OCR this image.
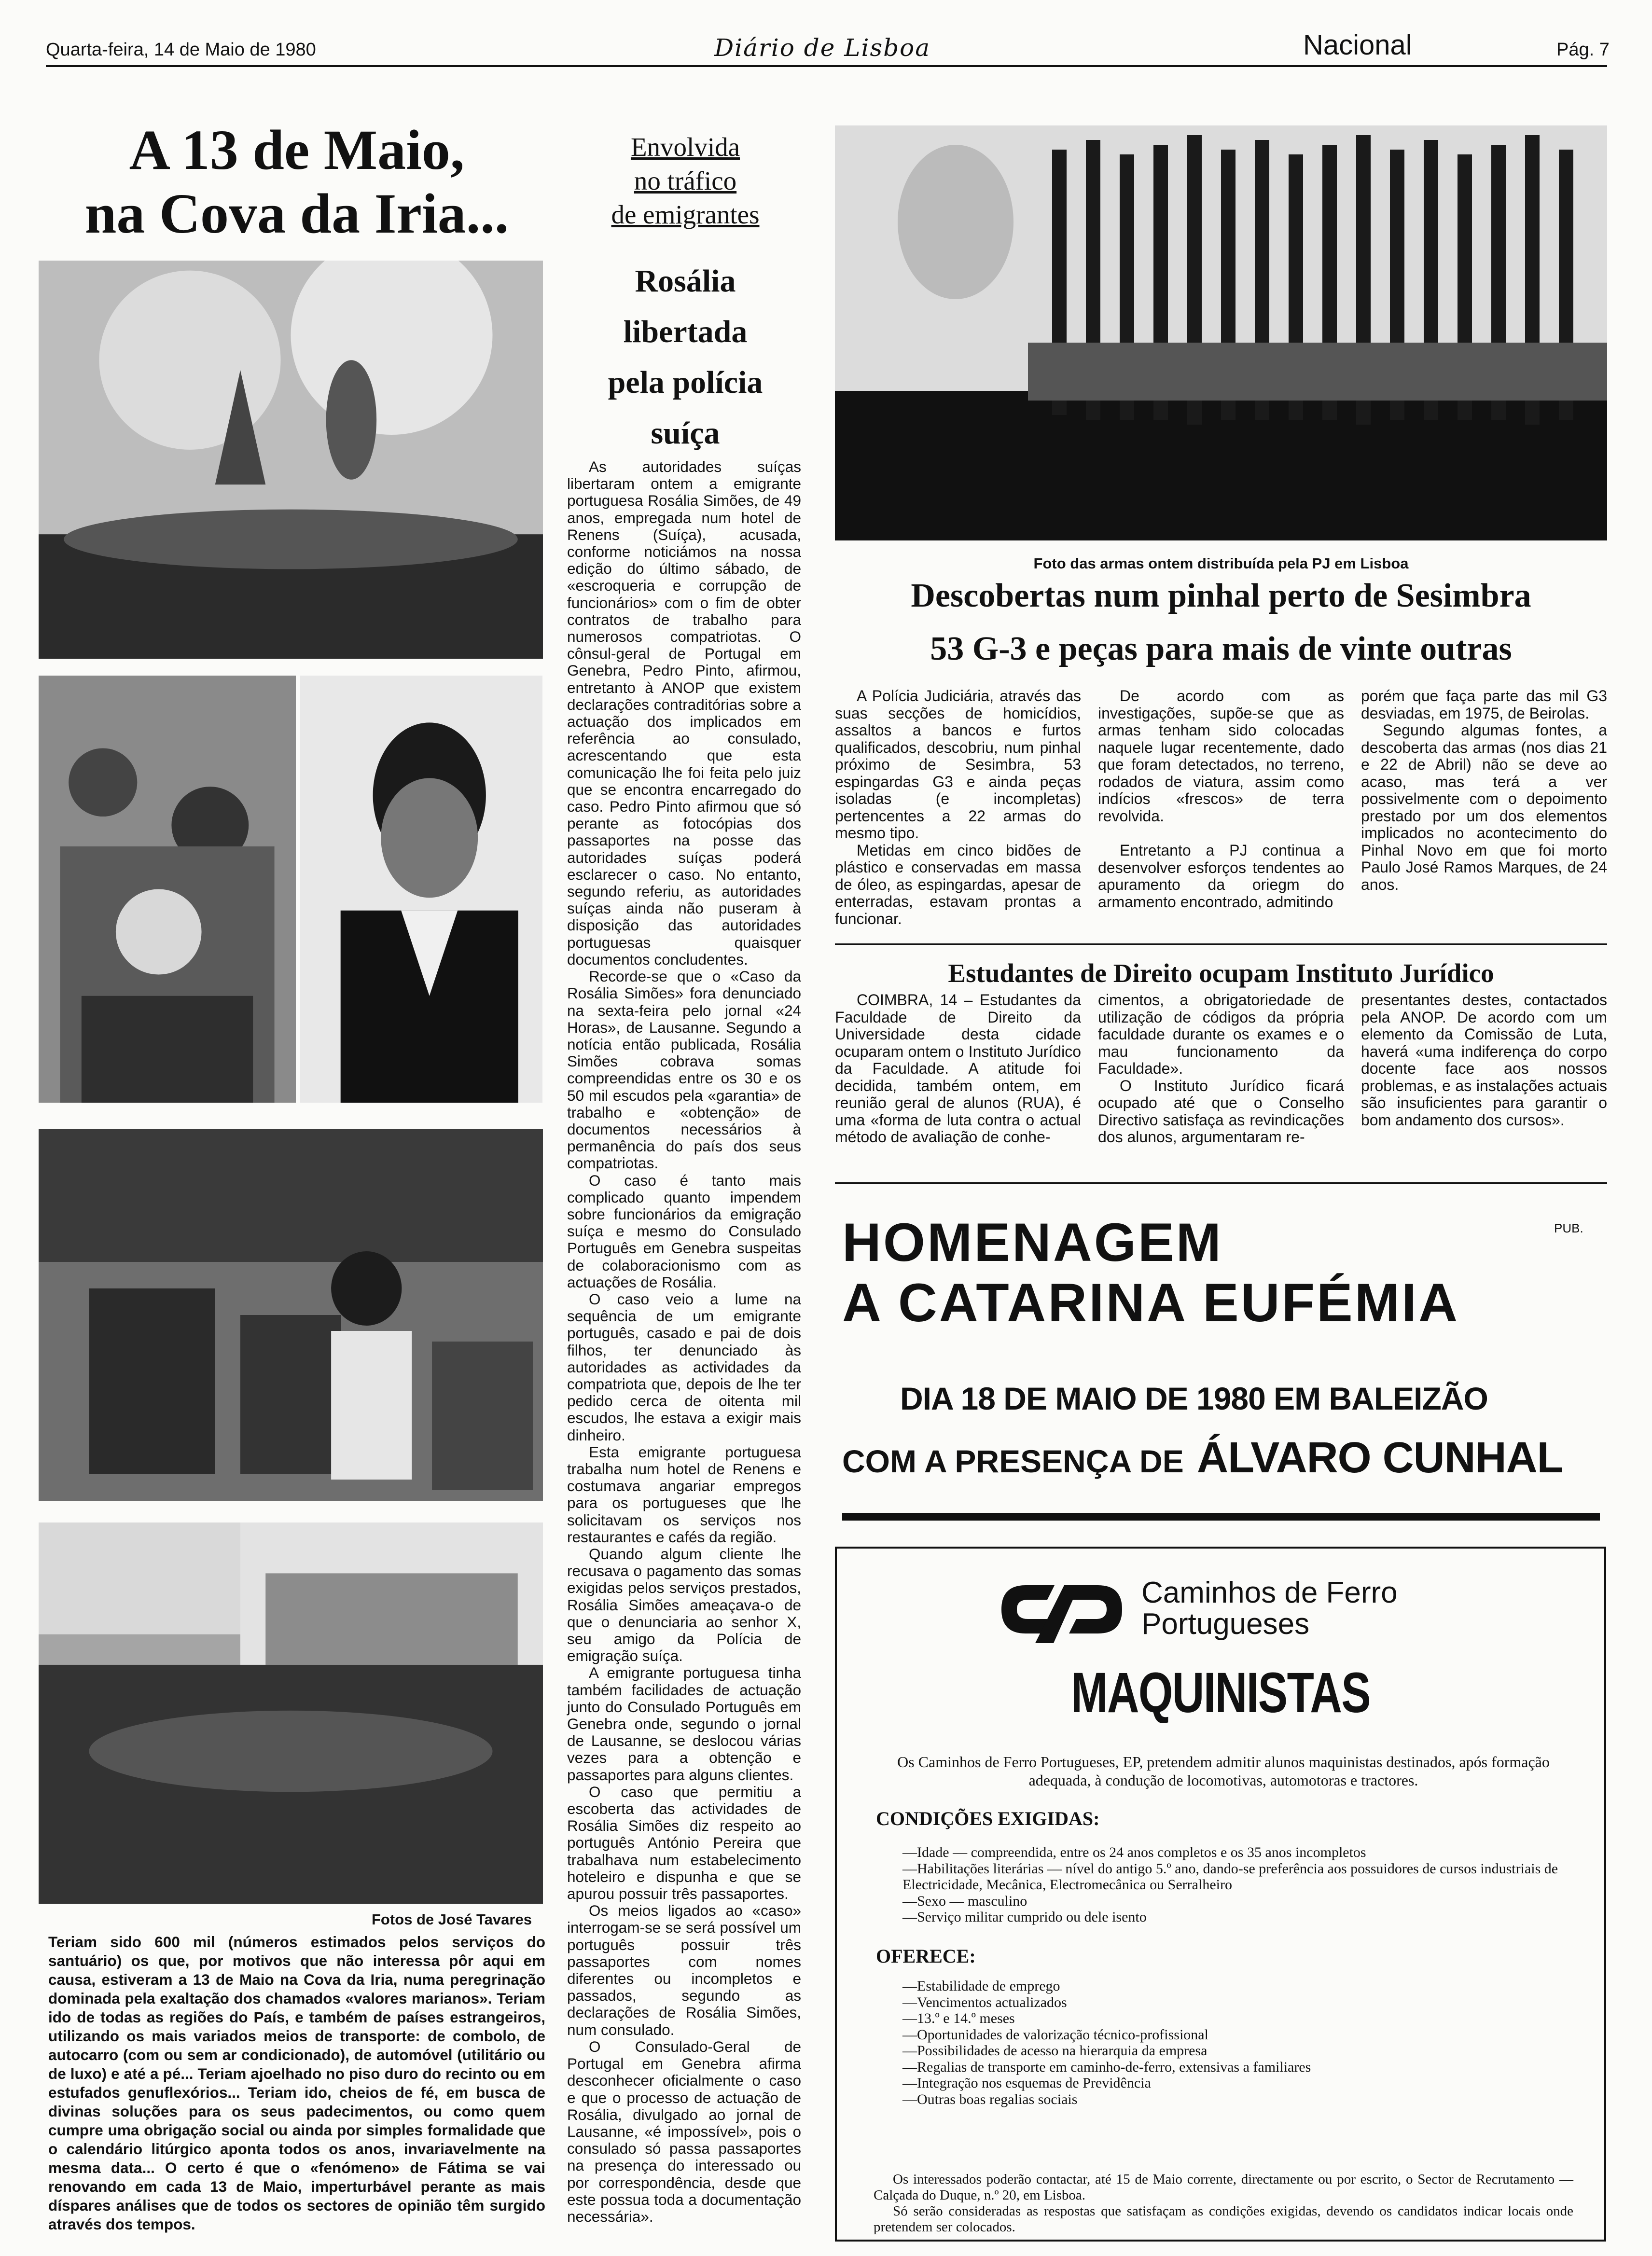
Quarta-feira, 14 de Maio de 1980	Diário de Lisboa	Nacional	Pág. 7
A 13 de Maio,
na Cova da Iria...
Fotos de José Tavares
Teriam sido 600 mil (números estimados pelos serviços do santuário) os que, por motivos que não interessa pôr aqui em causa, estiveram a 13 de Maio na Cova da Iria, numa peregrinação dominada pela exaltação dos chamados «valores marianos». Teriam ido de todas as regiões do País, e também de países estrangeiros, utilizando os mais variados meios de transporte: de combolo, de autocarro (com ou sem ar condicionado), de automóvel (utilitário ou de luxo) e até a pé... Teriam ajoelhado no piso duro do recinto ou em estufados genuflexórios... Teriam ido, cheios de fé, em busca de divinas soluções para os seus padecimentos, ou como quem cumpre uma obrigação social ou ainda por simples formalidade que o calendário litúrgico aponta todos os anos, invariavelmente na mesma data... O certo é que o «fenómeno» de Fátima se vai renovando em cada 13 de Maio, imperturbável perante as mais díspares análises que de todos os sectores de opinião têm surgido através dos tempos.
Envolvida
no tráfico
de emigrantes
Rosália
libertada
pela polícia
suíça

As autoridades suíças libertaram ontem a emigrante portuguesa Rosália Simões, de 49 anos, empregada num hotel de Renens (Suíça), acusada, conforme noticiámos na nossa edição do último sábado, de «escroqueria e corrupção de funcionários» com o fim de obter contratos de trabalho para numerosos compatriotas. O cônsul-geral de Portugal em Genebra, Pedro Pinto, afirmou, entretanto à ANOP que existem declarações contraditórias sobre a actuação dos implicados em referência ao consulado, acrescentando que esta comunicação lhe foi feita pelo juiz que se encontra encarregado do caso. Pedro Pinto afirmou que só perante as fotocópias dos passaportes na posse das autoridades suíças poderá esclarecer o caso. No entanto, segundo referiu, as autoridades suíças ainda não puseram à disposição das autoridades portuguesas quaisquer documentos concludentes.

Recorde-se que o «Caso da Rosália Simões» fora denunciado na sexta-feira pelo jornal «24 Horas», de Lausanne. Segundo a notícia então publicada, Rosália Simões cobrava somas compreendidas entre os 30 e os 50 mil escudos pela «garantia» de trabalho e «obtenção» de documentos necessários à permanência do país dos seus compatriotas.

O caso é tanto mais complicado quanto impendem sobre funcionários da emigração suíça e mesmo do Consulado Português em Genebra suspeitas de colaboracionismo com as actuações de Rosália.

O caso veio a lume na sequência de um emigrante português, casado e pai de dois filhos, ter denunciado às autoridades as actividades da compatriota que, depois de lhe ter pedido cerca de oitenta mil escudos, lhe estava a exigir mais dinheiro.

Esta emigrante portuguesa trabalha num hotel de Renens e costumava angariar empregos para os portugueses que lhe solicitavam os serviços nos restaurantes e cafés da região.

Quando algum cliente lhe recusava o pagamento das somas exigidas pelos serviços prestados, Rosália Simões ameaçava-o de que o denunciaria ao senhor X, seu amigo da Polícia de emigração suíça.

A emigrante portuguesa tinha também facilidades de actuação junto do Consulado Português em Genebra onde, segundo o jornal de Lausanne, se deslocou várias vezes para a obtenção e passaportes para alguns clientes.

O caso que permitiu a escoberta das actividades de Rosália Simões diz respeito ao português António Pereira que trabalhava num estabelecimento hoteleiro e dispunha e que se apurou possuir três passaportes.

Os meios ligados ao «caso» interrogam-se se será possível um português possuir três passaportes com nomes diferentes ou incompletos e passados, segundo as declarações de Rosália Simões, num consulado.

O Consulado-Geral de Portugal em Genebra afirma desconhecer oficialmente o caso e que o processo de actuação de Rosália, divulgado ao jornal de Lausanne, «é impossível», pois o consulado só passa passaportes na presença do interessado ou por correspondência, desde que este possua toda a documentação necessária».

Foto das armas ontem distribuída pela PJ em Lisboa
Descobertas num pinhal perto de Sesimbra
53 G-3 e peças para mais de vinte outras

A Polícia Judiciária, através das suas secções de homicídios, assaltos a bancos e furtos qualificados, descobriu, num pinhal próximo de Sesimbra, 53 espingardas G3 e ainda peças isoladas (e incompletas) pertencentes a 22 armas do mesmo tipo.

Metidas em cinco bidões de plástico e conservadas em massa de óleo, as espingardas, apesar de enterradas, estavam prontas a funcionar.

De acordo com as investigações, supõe-se que as armas tenham sido colocadas naquele lugar recentemente, dado que foram detectados, no terreno, rodados de viatura, assim como indícios «frescos» de terra revolvida.

Entretanto a PJ continua a desenvolver esforços tendentes ao apuramento da oriegm do armamento encontrado, admitindo

porém que faça parte das mil G3 desviadas, em 1975, de Beirolas.

Segundo algumas fontes, a descoberta das armas (nos dias 21 e 22 de Abril) não se deve ao acaso, mas terá a ver possivelmente com o depoimento prestado por um dos elementos implicados no acontecimento do Pinhal Novo em que foi morto Paulo José Ramos Marques, de 24 anos.

Estudantes de Direito ocupam Instituto Jurídico

COIMBRA, 14 – Estudantes da Faculdade de Direito da Universidade desta cidade ocuparam ontem o Instituto Jurídico da Faculdade. A atitude foi decidida, também ontem, em reunião geral de alunos (RUA), é uma «forma de luta contra o actual método de avaliação de conhe-

cimentos, a obrigatoriedade de utilização de códigos da própria faculdade durante os exames e o mau funcionamento da Faculdade».

O Instituto Jurídico ficará ocupado até que o Conselho Directivo satisfaça as revindicações dos alunos, argumentaram re-

presentantes destes, contactados pela ANOP. De acordo com um elemento da Comissão de Luta, haverá «uma indiferença do corpo docente face aos nossos problemas, e as instalações actuais são insuficientes para garantir o bom andamento dos cursos».

HOMENAGEM	PUB.
A CATARINA EUFÉMIA
DIA 18 DE MAIO DE 1980 EM BALEIZÃO
COM A PRESENÇA DE ÁLVARO CUNHAL
Caminhos de Ferro
Portugueses
MAQUINISTAS
Os Caminhos de Ferro Portugueses, EP, pretendem admitir alunos maquinistas destinados, após formação adequada, à condução de locomotivas, automotoras e tractores.
CONDIÇÕES EXIGIDAS:
—Idade — compreendida, entre os 24 anos completos e os 35 anos incompletos
—Habilitações literárias — nível do antigo 5.º ano, dando-se preferência aos possuidores de cursos industriais de Electricidade, Mecânica, Electromecânica ou Serralheiro
—Sexo — masculino
—Serviço militar cumprido ou dele isento
OFERECE:
—Estabilidade de emprego
—Vencimentos actualizados
—13.º e 14.º meses
—Oportunidades de valorização técnico-profissional
—Possibilidades de acesso na hierarquia da empresa
—Regalias de transporte em caminho-de-ferro, extensivas a familiares
—Integração nos esquemas de Previdência
—Outras boas regalias sociais
Os interessados poderão contactar, até 15 de Maio corrente, directamente ou por escrito, o Sector de Recrutamento — Calçada do Duque, n.º 20, em Lisboa.
Só serão consideradas as respostas que satisfaçam as condições exigidas, devendo os candidatos indicar locais onde pretendem ser colocados.
